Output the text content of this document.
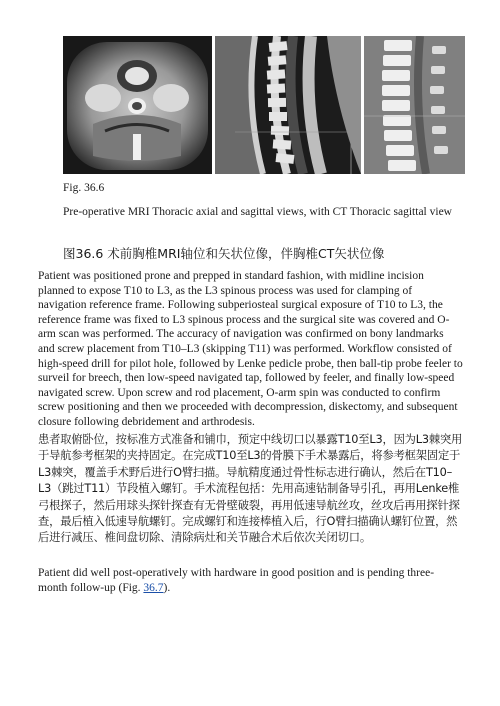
Fig. 36.6
Pre-operative MRI Thoracic axial and sagittal views, with CT Thoracic sagittal view
图36.6 术前胸椎MRI轴位和矢状位像，伴胸椎CT矢状位像

Patient was positioned prone and prepped in standard fashion, with midline incision planned to expose T10 to L3, as the L3 spinous process was used for clamping of navigation reference frame. Following subperiosteal surgical exposure of T10 to L3, the reference frame was fixed to L3 spinous process and the surgical site was covered and O-arm scan was performed. The accuracy of navigation was confirmed on bony landmarks and screw placement from T10–L3 (skipping T11) was performed. Workflow consisted of high-speed drill for pilot hole, followed by Lenke pedicle probe, then ball-tip probe feeler to surveil for breech, then low-speed navigated tap, followed by feeler, and finally low-speed navigated screw. Upon screw and rod placement, O-arm spin was conducted to confirm screw positioning and then we proceeded with decompression, diskectomy, and subsequent closure following debridement and arthrodesis.

患者取俯卧位，按标准方式准备和铺巾，预定中线切口以暴露T10至L3，因为L3棘突用于导航参考框架的夹持固定。在完成T10至L3的骨膜下手术暴露后，将参考框架固定于L3棘突，覆盖手术野后进行O臂扫描。导航精度通过骨性标志进行确认，然后在T10–L3（跳过T11）节段植入螺钉。手术流程包括：先用高速钻制备导引孔，再用Lenke椎弓根探子，然后用球头探针探查有无骨壁破裂，再用低速导航丝攻，丝攻后再用探针探查，最后植入低速导航螺钉。完成螺钉和连接棒植入后，行O臂扫描确认螺钉位置，然后进行减压、椎间盘切除、清除病灶和关节融合术后依次关闭切口。

Patient did well post-operatively with hardware in good position and is pending three-month follow-up (Fig. 36.7).
